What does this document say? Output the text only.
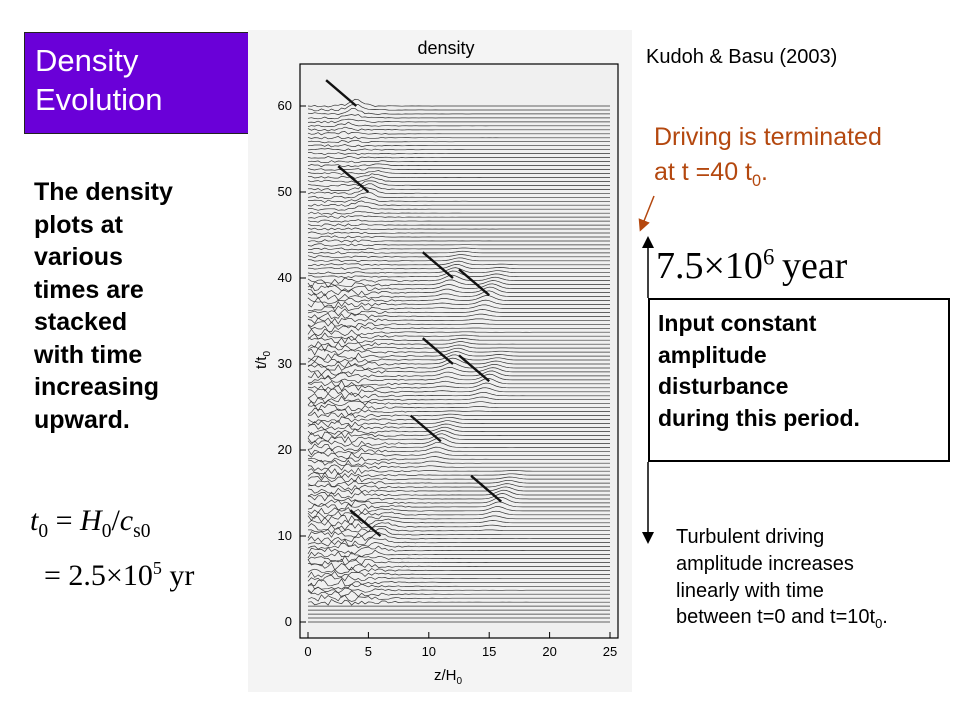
Density
Evolution
The density
plots at
various
times are
stacked
with time
increasing
upward.
$t_0 = H_0/c_{s0}$
= $2.5\times 10^5$ yr
Kudoh & Basu (2003)
Driving is terminated
at t =40 $t_0$.
$7.5\times 10^6$  year
Input constant
amplitude
disturbance
during this period.
Turbulent driving
amplitude increases
linearly with time
between t=0 and $t=10t_0$.
density
0	5	10	15	20	25
0
10
20
30
40
50
60
$z/H_0$
$t/t_0$
